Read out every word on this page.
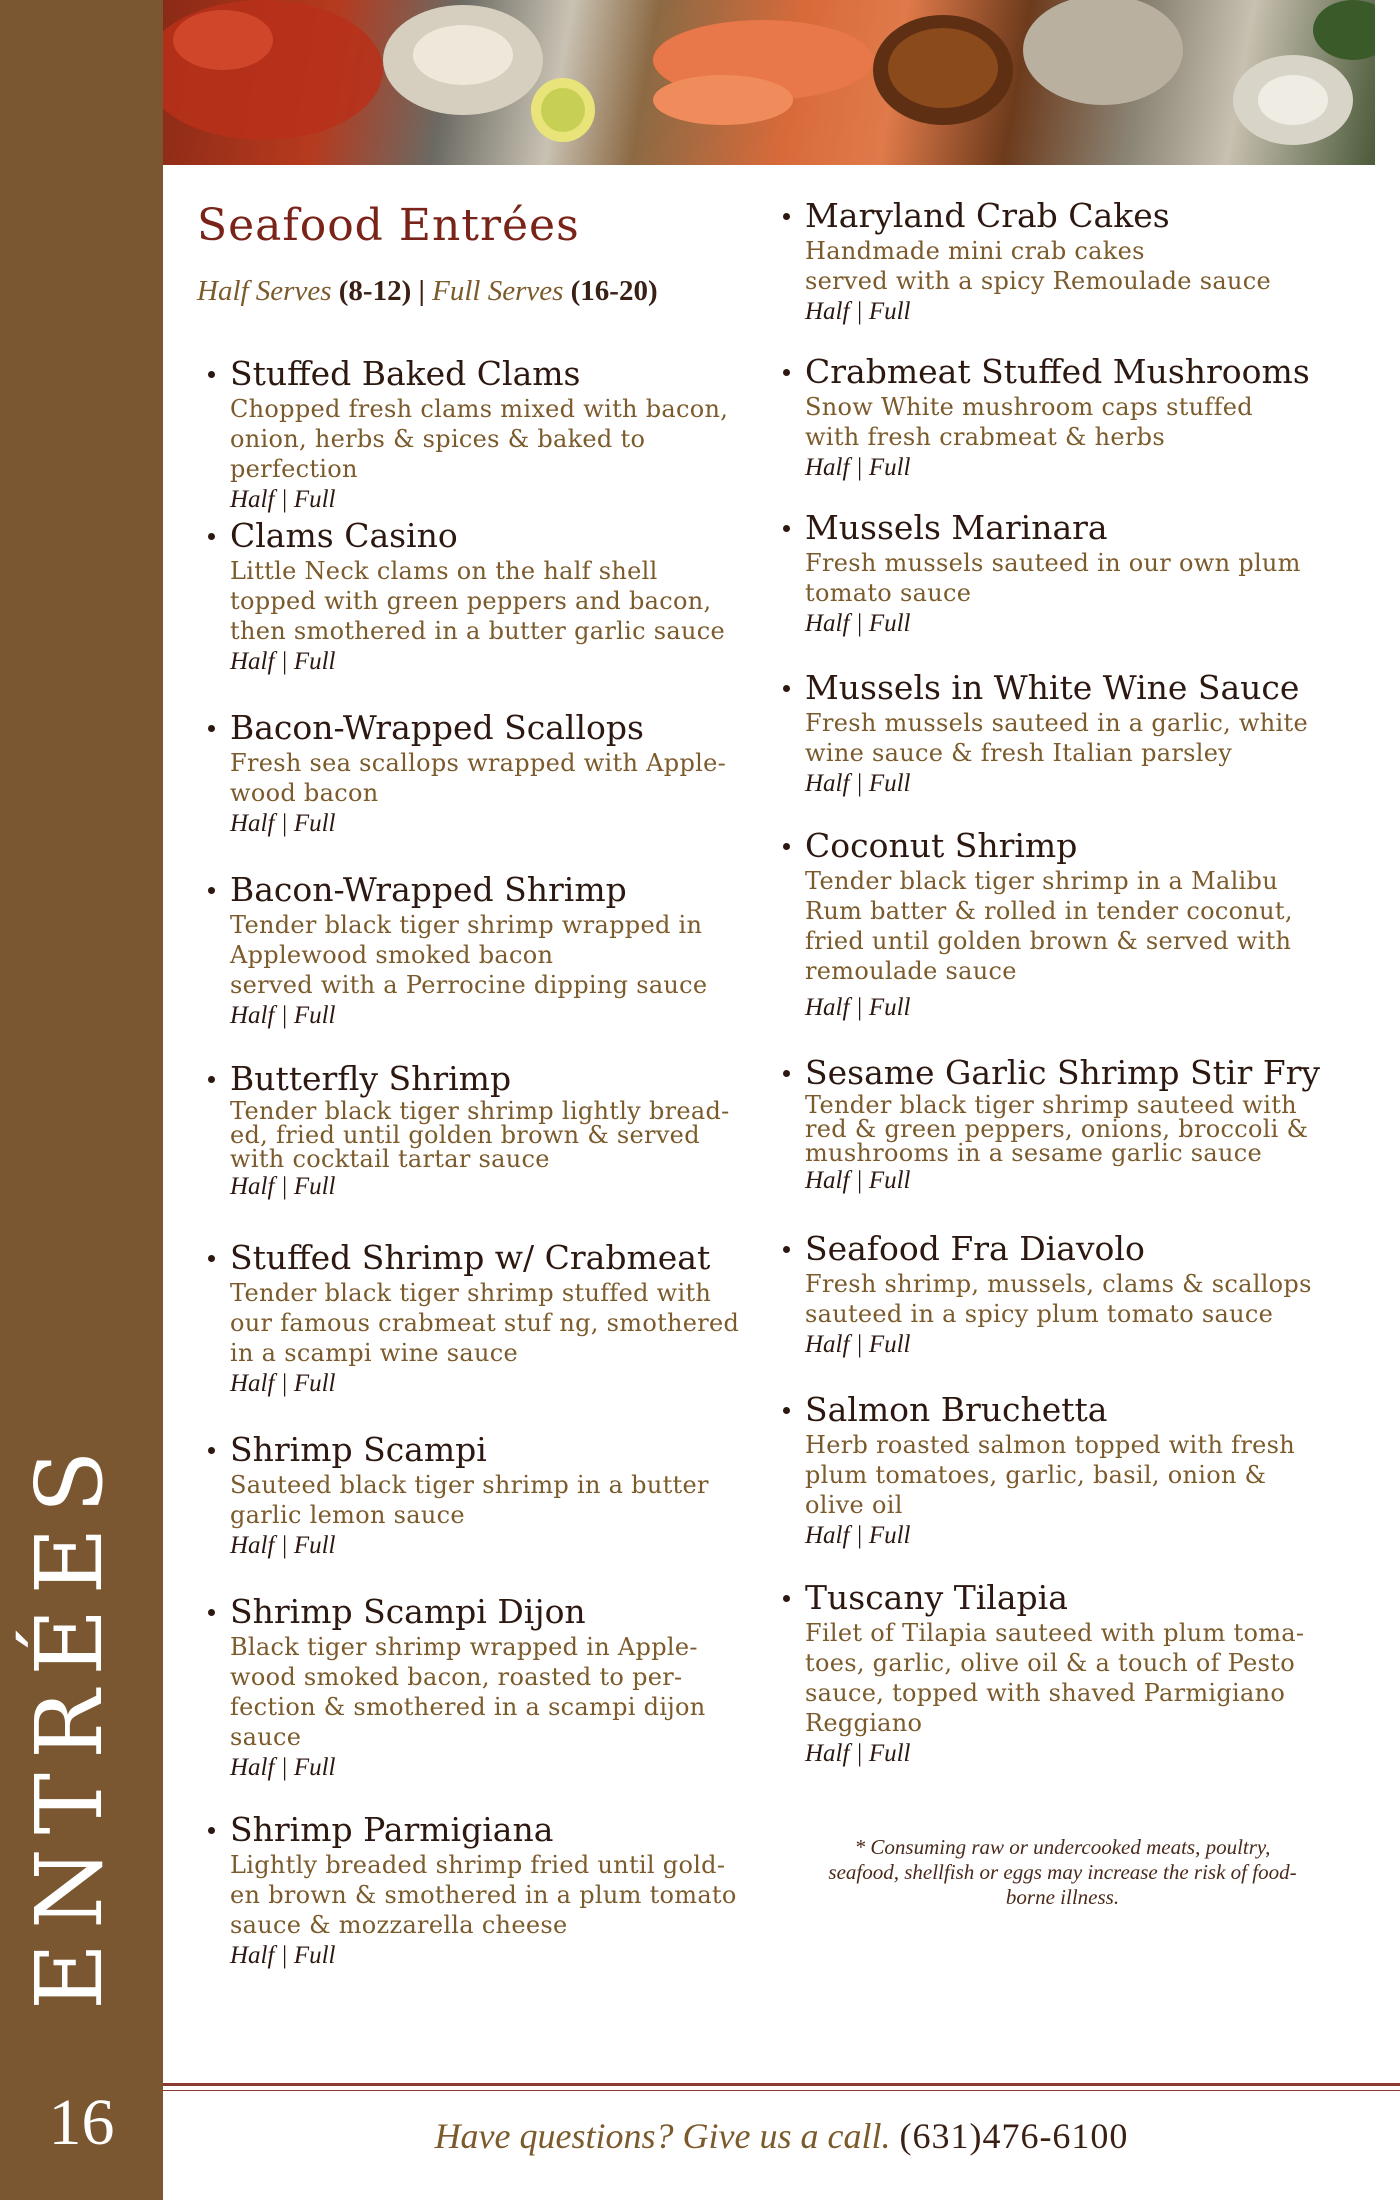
ENTRÉES
16
Seafood Entrées
Half Serves (8-12) | Full Serves (16-20)
Stuffed Baked Clams
Chopped fresh clams mixed with bacon,
onion, herbs & spices & baked to perfection
Half | Full
Clams Casino
Little Neck clams on the half shell
topped with green peppers and bacon,
then smothered in a butter garlic sauce
Half | Full
Bacon-Wrapped Scallops
Fresh sea scallops wrapped with Apple-
wood bacon
Half | Full
Bacon-Wrapped Shrimp
Tender black tiger shrimp wrapped in
Applewood smoked bacon
served with a Perrocine dipping sauce
Half | Full
Butterfly Shrimp
Tender black tiger shrimp lightly bread-
ed, fried until golden brown & served
with cocktail tartar sauce
Half | Full
Stuffed Shrimp w/ Crabmeat
Tender black tiger shrimp stuffed with
our famous crabmeat stuf ng, smothered
in a scampi wine sauce
Half | Full
Shrimp Scampi
Sauteed black tiger shrimp in a butter
garlic lemon sauce
Half | Full
Shrimp Scampi Dijon
Black tiger shrimp wrapped in Apple-
wood smoked bacon, roasted to per-
fection & smothered in a scampi dijon
sauce
Half | Full
Shrimp Parmigiana
Lightly breaded shrimp fried until gold-
en brown & smothered in a plum tomato
sauce & mozzarella cheese
Half | Full
Maryland Crab Cakes
Handmade mini crab cakes
served with a spicy Remoulade sauce
Half | Full
Crabmeat Stuffed Mushrooms
Snow White mushroom caps stuffed
with fresh crabmeat & herbs
Half | Full
Mussels Marinara
Fresh mussels sauteed in our own plum
tomato sauce
Half | Full
Mussels in White Wine Sauce
Fresh mussels sauteed in a garlic, white
wine sauce & fresh Italian parsley
Half | Full
Coconut Shrimp
Tender black tiger shrimp in a Malibu
Rum batter & rolled in tender coconut,
fried until golden brown & served with
remoulade sauce
Half | Full
Sesame Garlic Shrimp Stir Fry
Tender black tiger shrimp sauteed with
red & green peppers, onions, broccoli &
mushrooms in a sesame garlic sauce
Half | Full
Seafood Fra Diavolo
Fresh shrimp, mussels, clams & scallops
sauteed in a spicy plum tomato sauce
Half | Full
Salmon Bruchetta
Herb roasted salmon topped with fresh
plum tomatoes, garlic, basil, onion &
olive oil
Half | Full
Tuscany Tilapia
Filet of Tilapia sauteed with plum toma-
toes, garlic, olive oil & a touch of Pesto
sauce, topped with shaved Parmigiano
Reggiano
Half | Full
* Consuming raw or undercooked meats, poultry,
seafood, shellfish or eggs may increase the risk of food-
borne illness.
Have questions? Give us a call. (631)476-6100
